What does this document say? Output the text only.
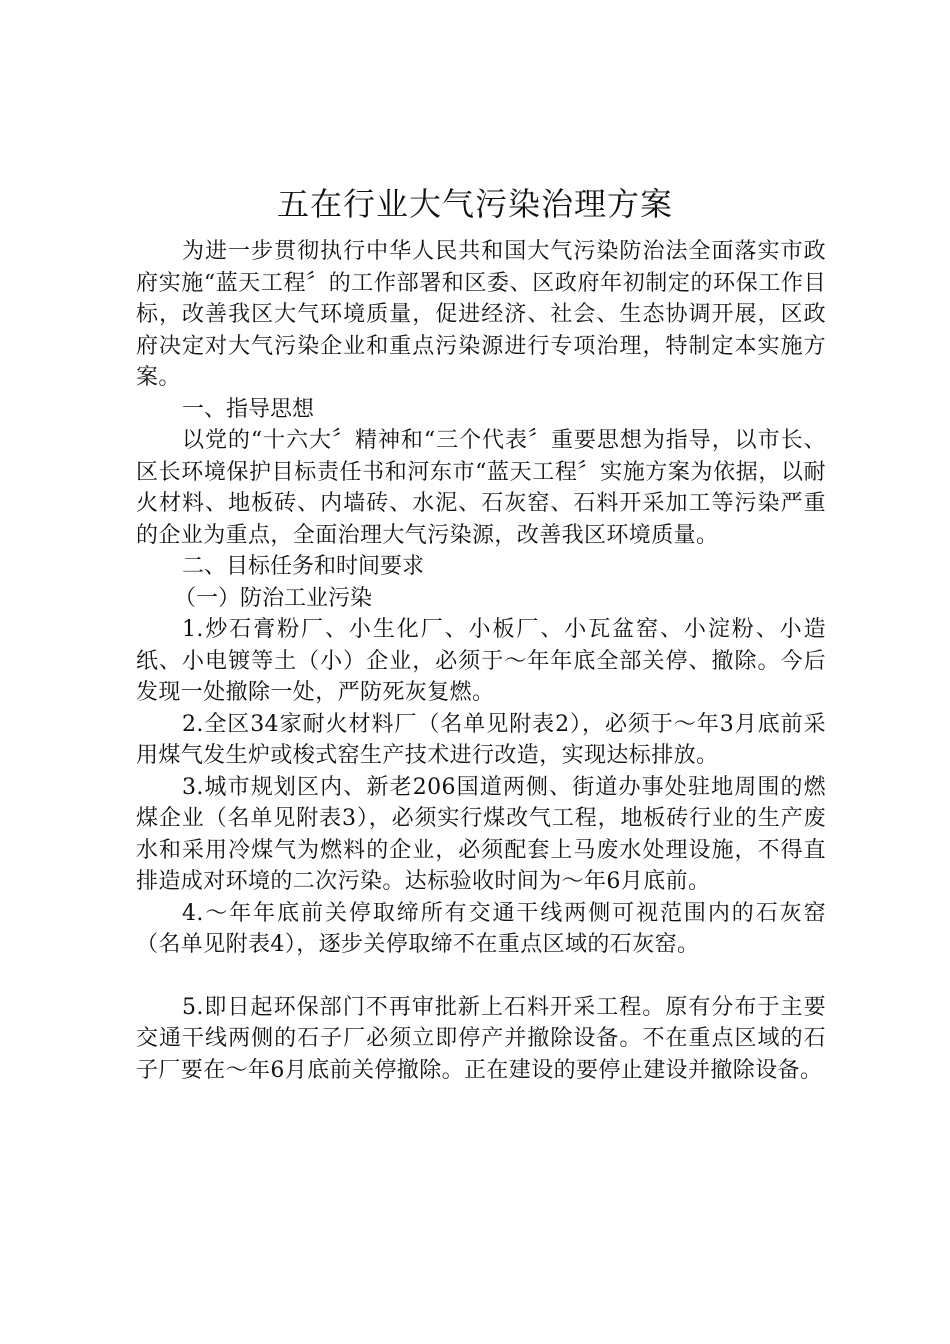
五在行业大气污染治理方案

为进一步贯彻执行中华人民共和国大气污染防治法全面落实市政府实施“蓝天工程〞的工作部署和区委、区政府年初制定的环保工作目标，改善我区大气环境质量，促进经济、社会、生态协调开展，区政府决定对大气污染企业和重点污染源进行专项治理，特制定本实施方案。

一、指导思想

以党的“十六大〞精神和“三个代表〞重要思想为指导，以市长、区长环境保护目标责任书和河东市“蓝天工程〞实施方案为依据，以耐火材料、地板砖、内墙砖、水泥、石灰窑、石料开采加工等污染严重的企业为重点，全面治理大气污染源，改善我区环境质量。

二、目标任务和时间要求

（一）防治工业污染

1.炒石膏粉厂、小生化厂、小板厂、小瓦盆窑、小淀粉、小造纸、小电镀等土（小）企业，必须于～年年底全部关停、撤除。今后发现一处撤除一处，严防死灰复燃。

2.全区34家耐火材料厂（名单见附表2），必须于～年3月底前采用煤气发生炉或梭式窑生产技术进行改造，实现达标排放。

3.城市规划区内、新老206国道两侧、街道办事处驻地周围的燃煤企业（名单见附表3），必须实行煤改气工程，地板砖行业的生产废水和采用冷煤气为燃料的企业，必须配套上马废水处理设施，不得直排造成对环境的二次污染。达标验收时间为～年6月底前。

4.～年年底前关停取缔所有交通干线两侧可视范围内的石灰窑（名单见附表4），逐步关停取缔不在重点区域的石灰窑。

5.即日起环保部门不再审批新上石料开采工程。原有分布于主要交通干线两侧的石子厂必须立即停产并撤除设备。不在重点区域的石子厂要在～年6月底前关停撤除。正在建设的要停止建设并撤除设备。
